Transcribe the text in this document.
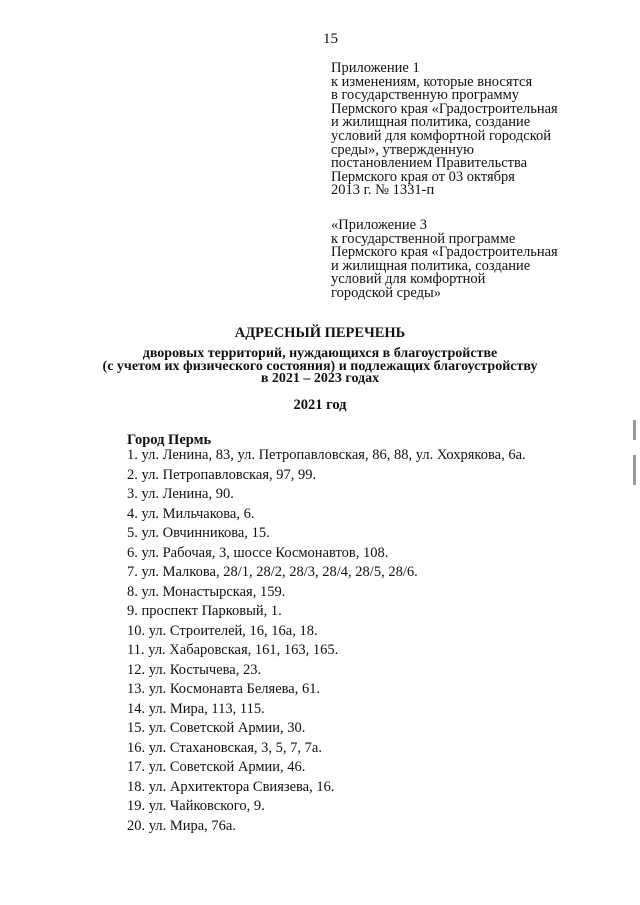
15
Приложение 1
к изменениям, которые вносятся
в государственную программу
Пермского края «Градостроительная
и жилищная политика, создание
условий для комфортной городской
среды», утвержденную
постановлением Правительства
Пермского края от 03 октября
2013 г. № 1331-п
«Приложение 3
к государственной программе
Пермского края «Градостроительная
и жилищная политика, создание
условий для комфортной
городской среды»
АДРЕСНЫЙ ПЕРЕЧЕНЬ
дворовых территорий, нуждающихся в благоустройстве
(с учетом их физического состояния) и подлежащих благоустройству
в 2021 – 2023 годах
2021 год
Город Пермь
1. ул. Ленина, 83, ул. Петропавловская, 86, 88, ул. Хохрякова, 6а.
2. ул. Петропавловская, 97, 99.
3. ул. Ленина, 90.
4. ул. Мильчакова, 6.
5. ул. Овчинникова, 15.
6. ул. Рабочая, 3, шоссе Космонавтов, 108.
7. ул. Малкова, 28/1, 28/2, 28/3, 28/4, 28/5, 28/6.
8. ул. Монастырская, 159.
9. проспект Парковый, 1.
10. ул. Строителей, 16, 16а, 18.
11. ул. Хабаровская, 161, 163, 165.
12. ул. Костычева, 23.
13. ул. Космонавта Беляева, 61.
14. ул. Мира, 113, 115.
15. ул. Советской Армии, 30.
16. ул. Стахановская, 3, 5, 7, 7а.
17. ул. Советской Армии, 46.
18. ул. Архитектора Свиязева, 16.
19. ул. Чайковского, 9.
20. ул. Мира, 76а.
